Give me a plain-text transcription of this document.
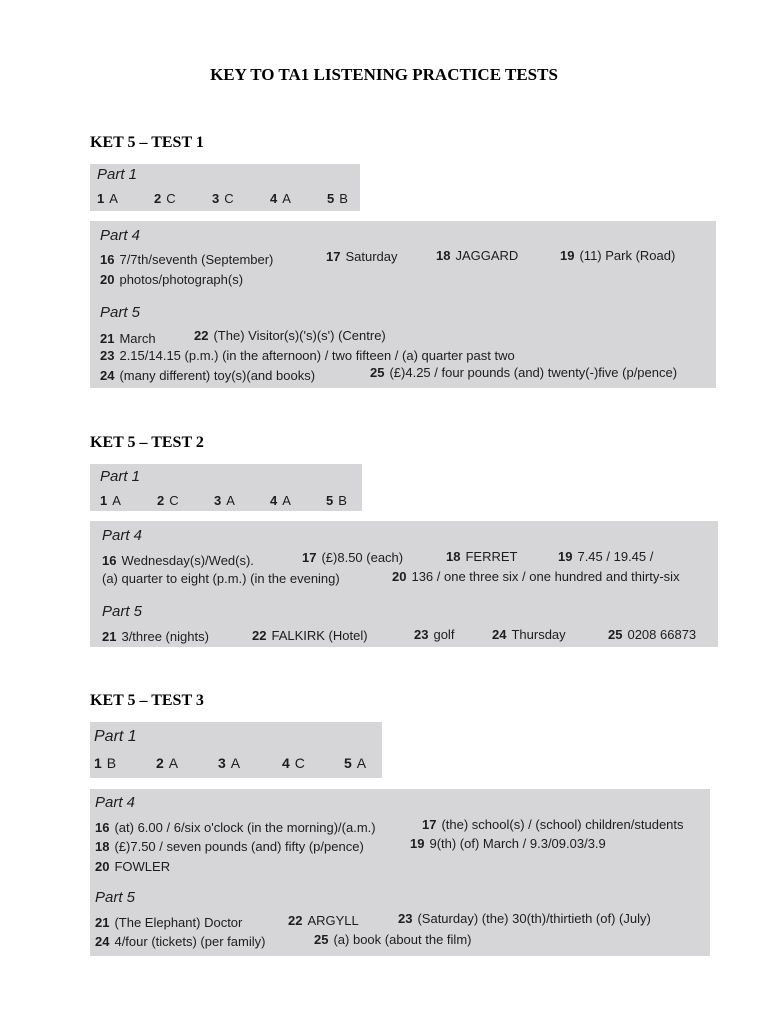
KEY TO TA1 LISTENING PRACTICE TESTS
KET 5 – TEST 1
Part 1
1 A	2 C	3 C	4 A	5 B
Part 4
16 7/7th/seventh (September)	17 Saturday	18 JAGGARD	19 (11) Park (Road)
20 photos/photograph(s)
Part 5
21 March	22 (The) Visitor(s)('s)(s') (Centre)
23 2.15/14.15 (p.m.) (in the afternoon) / two fifteen / (a) quarter past two
24 (many different) toy(s)(and books)	25 (£)4.25 / four pounds (and) twenty(-)five (p/pence)
KET 5 – TEST 2
Part 1
1 A	2 C	3 A	4 A	5 B
Part 4
16 Wednesday(s)/Wed(s).	17 (£)8.50 (each)	18 FERRET	19 7.45 / 19.45 /
(a) quarter to eight (p.m.) (in the evening)	20 136 / one three six / one hundred and thirty-six
Part 5
21 3/three (nights)	22 FALKIRK (Hotel)	23 golf	24 Thursday	25 0208 66873
KET 5 – TEST 3
Part 1
1 B	2 A	3 A	4 C	5 A
Part 4
16 (at) 6.00 / 6/six o'clock (in the morning)/(a.m.)	17 (the) school(s) / (school) children/students
18 (£)7.50 / seven pounds (and) fifty (p/pence)	19 9(th) (of) March / 9.3/09.03/3.9
20 FOWLER
Part 5
21 (The Elephant) Doctor	22 ARGYLL	23 (Saturday) (the) 30(th)/thirtieth (of) (July)
24 4/four (tickets) (per family)	25 (a) book (about the film)
